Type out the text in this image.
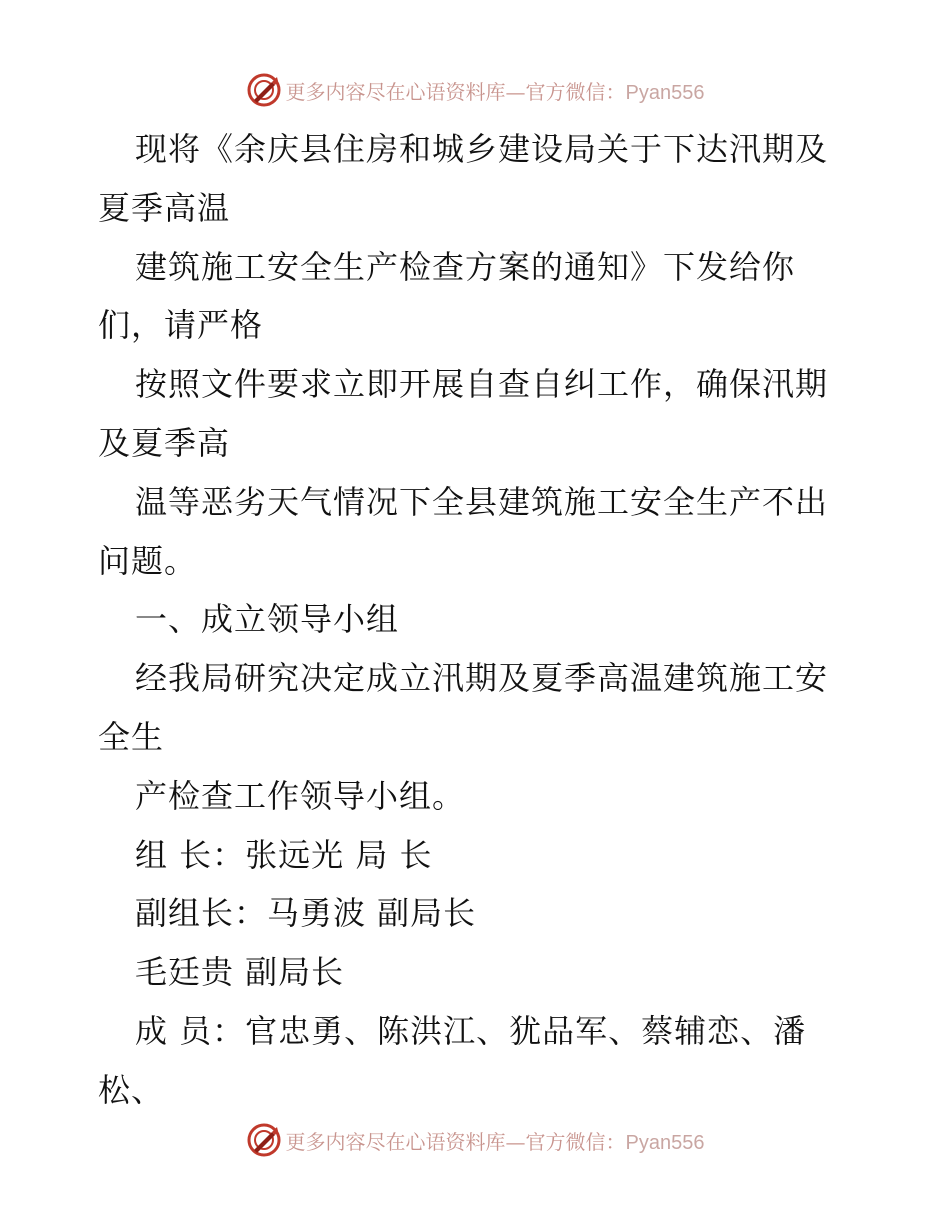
更多内容尽在心语资料库—官方微信：Pyan556
现将《余庆县住房和城乡建设局关于下达汛期及
夏季高温
建筑施工安全生产检查方案的通知》下发给你
们，请严格
按照文件要求立即开展自查自纠工作，确保汛期
及夏季高
温等恶劣天气情况下全县建筑施工安全生产不出
问题。
一、成立领导小组
经我局研究决定成立汛期及夏季高温建筑施工安
全生
产检查工作领导小组。
组 长：张远光 局 长
副组长：马勇波 副局长
毛廷贵 副局长
成 员：官忠勇、陈洪江、犹品军、蔡辅恋、潘
松、
更多内容尽在心语资料库—官方微信：Pyan556
